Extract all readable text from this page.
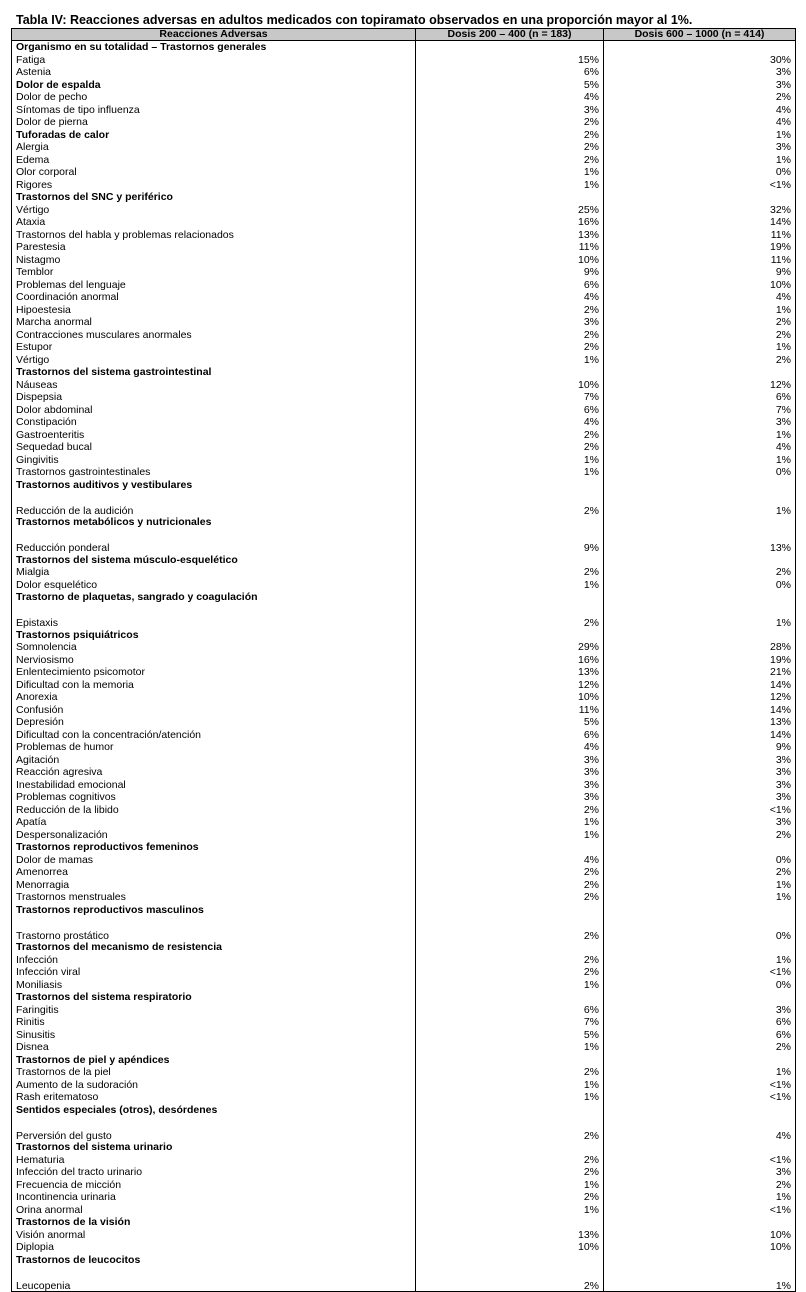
Tabla IV: Reacciones adversas en adultos medicados con topiramato observados en una proporción mayor al 1%.
Reacciones Adversas	Dosis 200 – 400 (n = 183)	Dosis 600 – 1000 (n = 414)
Organismo en su totalidad – Trastornos generales		
Fatiga	15%	30%
Astenia	6%	3%
Dolor de espalda	5%	3%
Dolor de pecho	4%	2%
Síntomas de tipo influenza	3%	4%
Dolor de pierna	2%	4%
Tuforadas de calor	2%	1%
Alergia	2%	3%
Edema	2%	1%
Olor corporal	1%	0%
Rigores	1%	<1%
Trastornos del SNC y periférico		
Vértigo	25%	32%
Ataxia	16%	14%
Trastornos del habla y problemas relacionados	13%	11%
Parestesia	11%	19%
Nistagmo	10%	11%
Temblor	9%	9%
Problemas del lenguaje	6%	10%
Coordinación anormal	4%	4%
Hipoestesia	2%	1%
Marcha anormal	3%	2%
Contracciones musculares anormales	2%	2%
Estupor	2%	1%
Vértigo	1%	2%
Trastornos del sistema gastrointestinal		
Náuseas	10%	12%
Dispepsia	7%	6%
Dolor abdominal	6%	7%
Constipación	4%	3%
Gastroenteritis	2%	1%
Sequedad bucal	2%	4%
Gingivitis	1%	1%
Trastornos gastrointestinales	1%	0%
Trastornos auditivos y vestibulares		
Reducción de la audición	2%	1%
Trastornos metabólicos y nutricionales		
Reducción ponderal	9%	13%
Trastornos del sistema músculo-esquelético		
Mialgia	2%	2%
Dolor esquelético	1%	0%
Trastorno de plaquetas, sangrado y coagulación		
Epistaxis	2%	1%
Trastornos psiquiátricos		
Somnolencia	29%	28%
Nerviosismo	16%	19%
Enlentecimiento psicomotor	13%	21%
Dificultad con la memoria	12%	14%
Anorexia	10%	12%
Confusión	11%	14%
Depresión	5%	13%
Dificultad con la concentración/atención	6%	14%
Problemas de humor	4%	9%
Agitación	3%	3%
Reacción agresiva	3%	3%
Inestabilidad emocional	3%	3%
Problemas cognitivos	3%	3%
Reducción de la libido	2%	<1%
Apatía	1%	3%
Despersonalización	1%	2%
Trastornos reproductivos femeninos		
Dolor de mamas	4%	0%
Amenorrea	2%	2%
Menorragia	2%	1%
Trastornos menstruales	2%	1%
Trastornos reproductivos masculinos		
Trastorno prostático	2%	0%
Trastornos del mecanismo de resistencia		
Infección	2%	1%
Infección viral	2%	<1%
Moniliasis	1%	0%
Trastornos del sistema respiratorio		
Faringitis	6%	3%
Rinitis	7%	6%
Sinusitis	5%	6%
Disnea	1%	2%
Trastornos de piel y apéndices		
Trastornos de la piel	2%	1%
Aumento de la sudoración	1%	<1%
Rash eritematoso	1%	<1%
Sentidos especiales (otros), desórdenes		
Perversión del gusto	2%	4%
Trastornos del sistema urinario		
Hematuria	2%	<1%
Infección del tracto urinario	2%	3%
Frecuencia de micción	1%	2%
Incontinencia urinaria	2%	1%
Orina anormal	1%	<1%
Trastornos de la visión		
Visión anormal	13%	10%
Diplopia	10%	10%
Trastornos de leucocitos		
Leucopenia	2%	1%
